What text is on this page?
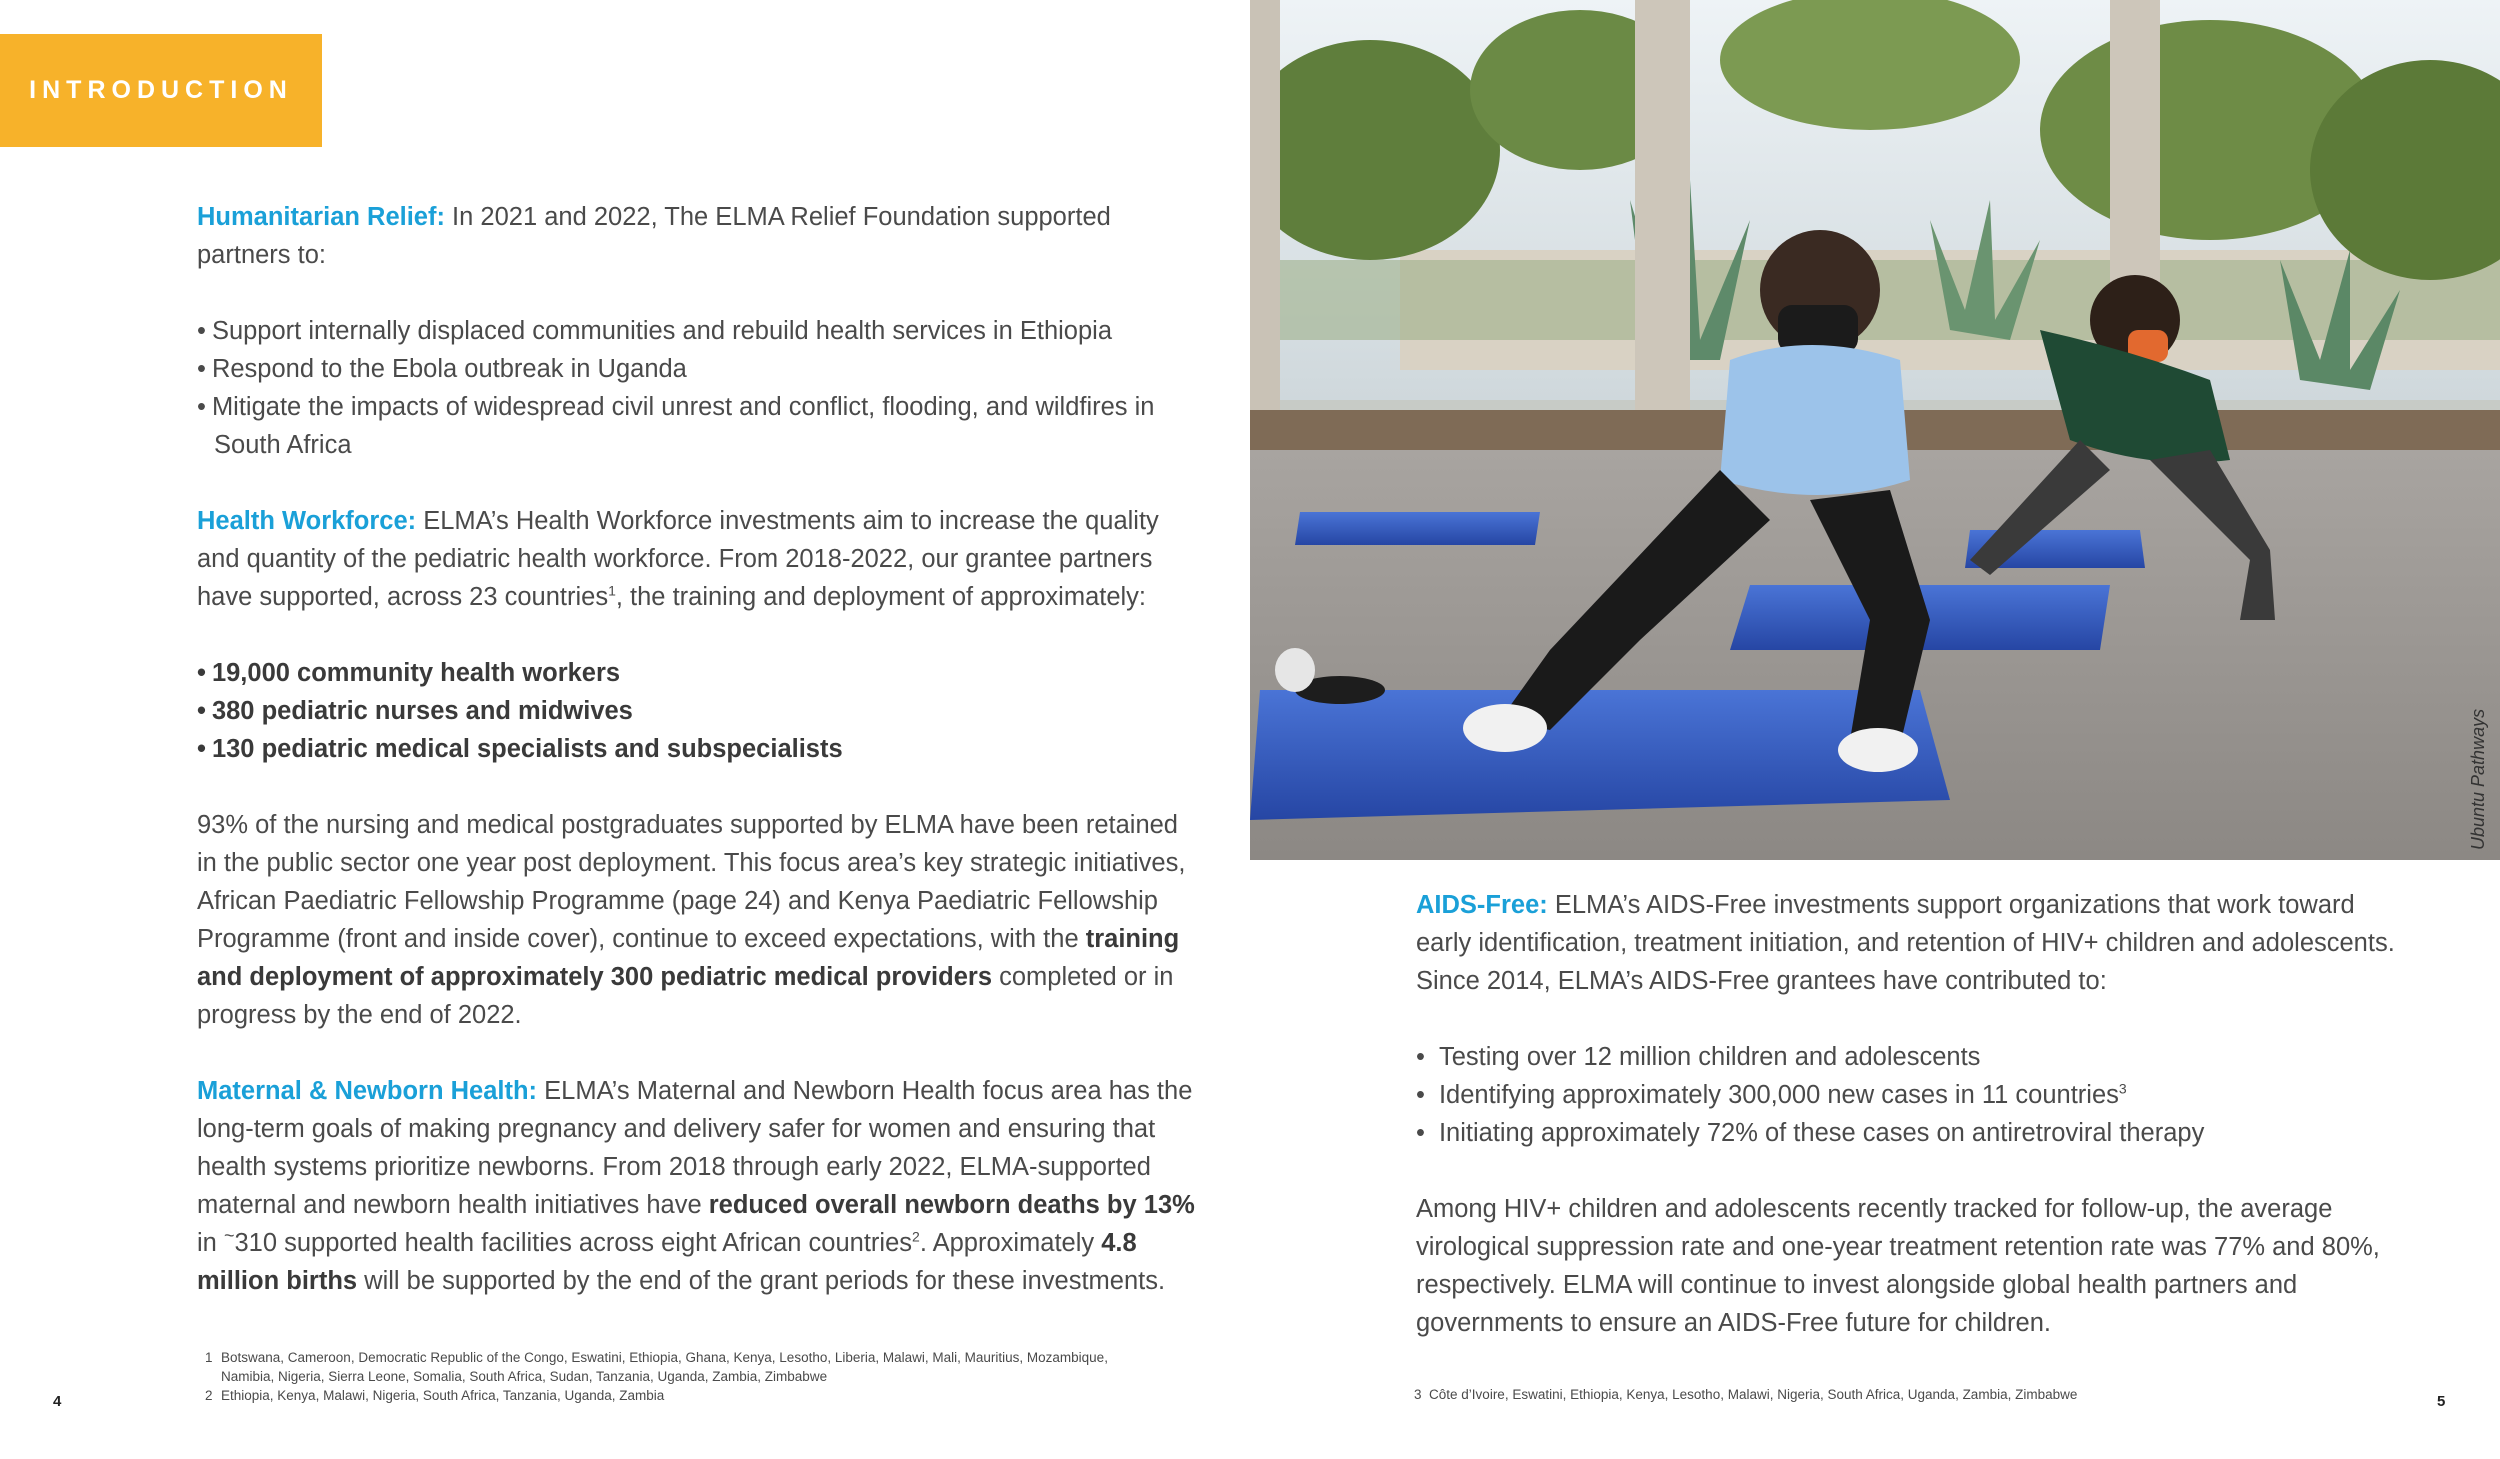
INTRODUCTION

Humanitarian Relief: In 2021 and 2022, The ELMA Relief Foundation supported partners to:

• Support internally displaced communities and rebuild health services in Ethiopia
• Respond to the Ebola outbreak in Uganda
• Mitigate the impacts of widespread civil unrest and conflict, flooding, and wildfires in South Africa

Health Workforce: ELMA’s Health Workforce investments aim to increase the quality and quantity of the pediatric health workforce. From 2018-2022, our grantee partners have supported, across 23 countries$^1$, the training and deployment of approximately:

• 19,000 community health workers
• 380 pediatric nurses and midwives
• 130 pediatric medical specialists and subspecialists

93% of the nursing and medical postgraduates supported by ELMA have been retained in the public sector one year post deployment. This focus area’s key strategic initiatives, African Paediatric Fellowship Programme (page 24) and Kenya Paediatric Fellowship Programme (front and inside cover), continue to exceed expectations, with the training and deployment of approximately 300 pediatric medical providers completed or in progress by the end of 2022.

Maternal & Newborn Health: ELMA’s Maternal and Newborn Health focus area has the long-term goals of making pregnancy and delivery safer for women and ensuring that health systems prioritize newborns. From 2018 through early 2022, ELMA-supported maternal and newborn health initiatives have reduced overall newborn deaths by 13% in ~310 supported health facilities across eight African countries$^2$. Approximately 4.8 million births will be supported by the end of the grant periods for these investments.

Ubuntu Pathways

AIDS-Free: ELMA’s AIDS-Free investments support organizations that work toward early identification, treatment initiation, and retention of HIV+ children and adolescents. Since 2014, ELMA’s AIDS-Free grantees have contributed to:

• Testing over 12 million children and adolescents
• Identifying approximately 300,000 new cases in 11 countries$^3$
• Initiating approximately 72% of these cases on antiretroviral therapy

Among HIV+ children and adolescents recently tracked for follow-up, the average virological suppression rate and one-year treatment retention rate was 77% and 80%, respectively. ELMA will continue to invest alongside global health partners and governments to ensure an AIDS-Free future for children.

1 Botswana, Cameroon, Democratic Republic of the Congo, Eswatini, Ethiopia, Ghana, Kenya, Lesotho, Liberia, Malawi, Mali, Mauritius, Mozambique, Namibia, Nigeria, Sierra Leone, Somalia, South Africa, Sudan, Tanzania, Uganda, Zambia, Zimbabwe
2 Ethiopia, Kenya, Malawi, Nigeria, South Africa, Tanzania, Uganda, Zambia	3 Côte d’Ivoire, Eswatini, Ethiopia, Kenya, Lesotho, Malawi, Nigeria, South Africa, Uganda, Zambia, Zimbabwe
4	5
